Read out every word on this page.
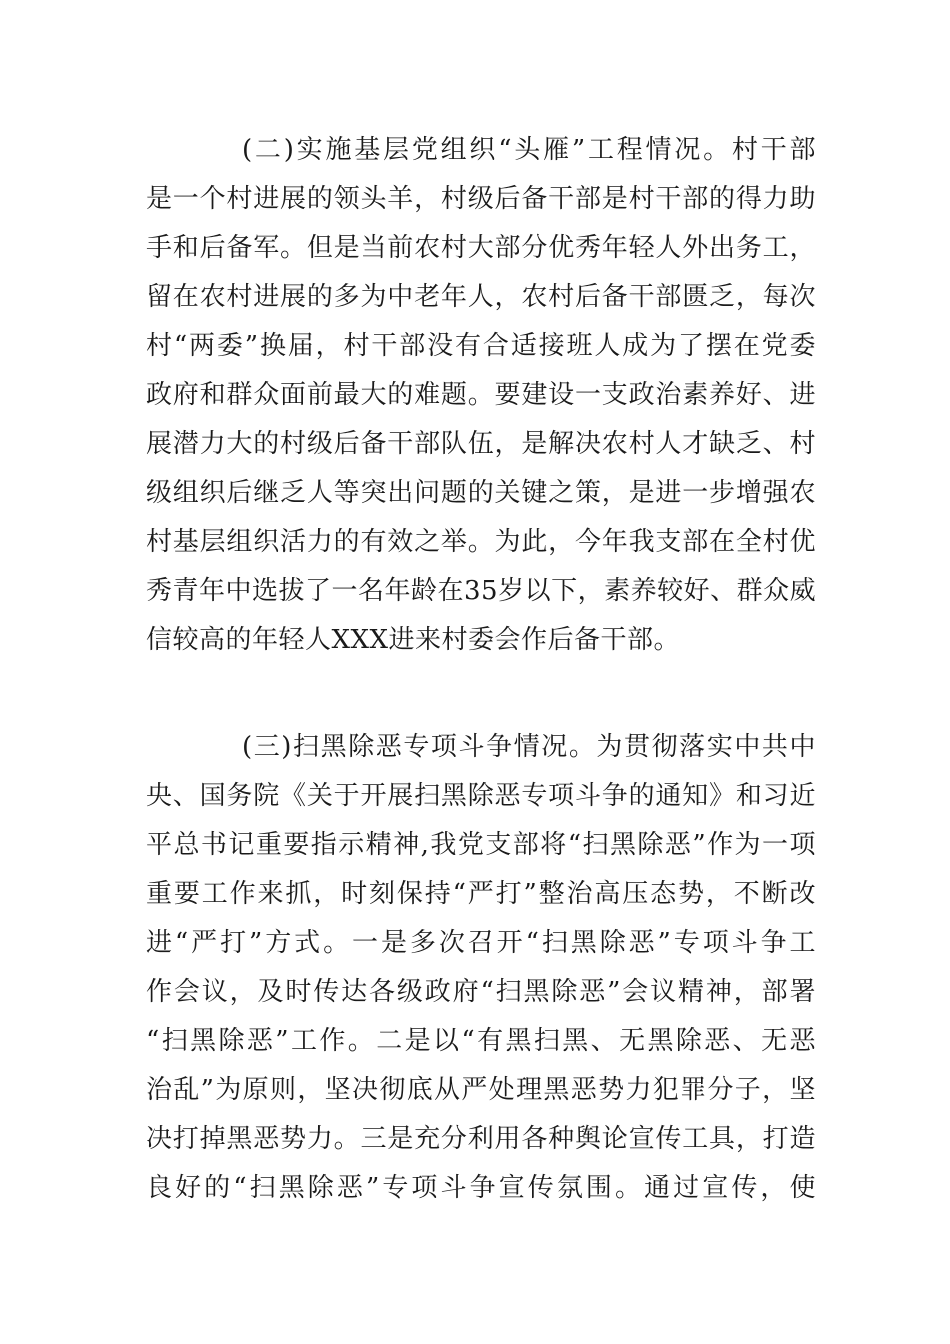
(二)实施基层党组织“头雁”工程情况。村干部
是一个村进展的领头羊，村级后备干部是村干部的得力助
手和后备军。但是当前农村大部分优秀年轻人外出务工，
留在农村进展的多为中老年人，农村后备干部匮乏，每次
村“两委”换届，村干部没有合适接班人成为了摆在党委
政府和群众面前最大的难题。要建设一支政治素养好、进
展潜力大的村级后备干部队伍，是解决农村人才缺乏、村
级组织后继乏人等突出问题的关键之策，是进一步增强农
村基层组织活力的有效之举。为此，今年我支部在全村优
秀青年中选拔了一名年龄在35岁以下，素养较好、群众威
信较高的年轻人XXX进来村委会作后备干部。
(三)扫黑除恶专项斗争情况。为贯彻落实中共中
央、国务院《关于开展扫黑除恶专项斗争的通知》和习近
平总书记重要指示精神,我党支部将“扫黑除恶”作为一项
重要工作来抓，时刻保持“严打”整治高压态势，不断改
进“严打”方式。一是多次召开“扫黑除恶”专项斗争工
作会议，及时传达各级政府“扫黑除恶”会议精神，部署
“扫黑除恶”工作。二是以“有黑扫黑、无黑除恶、无恶
治乱”为原则，坚决彻底从严处理黑恶势力犯罪分子，坚
决打掉黑恶势力。三是充分利用各种舆论宣传工具，打造
良好的“扫黑除恶”专项斗争宣传氛围。通过宣传，使
